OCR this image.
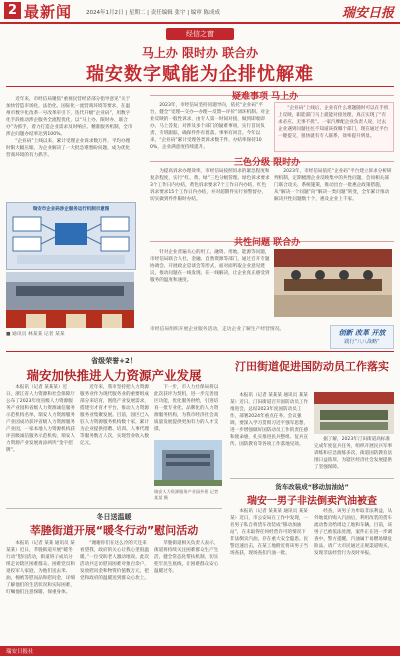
2 最新闻	2024年1月2日 | 星期二 | 责任编辑 张宇 | 编审 陈成成	瑞安日报
经信之窗
马上办 限时办 联合办
瑞安数字赋能为企排忧解难

近年来，市经信局聚焦“重视民营经济部分指导意见”关于加快营造市场化、法治化、国际化一流营商环境等要求，在温州市数字化改革一号改革牵引下，迭代升级“企业码”，用数字化手段推动涉企服务全流程优化，以“马上办、限时办、联合办”为抓手，着力打造企业需求及时响应、精准服务机制，全市涉企问题办结率达到100%。

“企业码”上线以来，累计受理企业诉求数万件，平均办理时限大幅压缩，为企业解决了一大批急难愁盼问题，成为优化营商环境的有力抓手。

瑞安市企业码涉企服务运行机制示意图
■ 通讯员 林某某 记者 某某
疑难事项 马上办

2023年，市经信局坚持问题导向，依托“企业码”平台，健全“受理—交办—办理—反馈—评价”闭环机制。对企业反映的一般性诉求，由专人第一时间对接，做到即收即办、马上答复；对涉及多个部门的疑难事项，实行首问负责、专班跟踪，确保件件有着落、事事有回音。今年以来，“企业码”累计受理各类诉求数千件，办结率保持100%，企业满意度持续提升。

“企业码”上线后，企业有什么难题随时可以在手机上反映，职能部门马上就能对接处理，真正实现了“有求必应、无事不扰”。一家汽摩配企业负责人说，过去企业遇到问题往往不知道该找哪个部门，现在通过平台一键提交，很快就有专人联系，效率提升明显。

三色分级 限时办

为提高诉求办理效率，市经信局按照诉求的紧急程度和复杂程度，实行“红、黄、绿”三色分级管理。绿色诉求要求3个工作日内办结，黄色诉求要求7个工作日内办结，红色诉求要求15个工作日内办结，并对超期件实行预警督办，切实做到件件限时办结。

2023年，市经信局依托“企业码”平台建立诉求分析研判机制，定期梳理企业反映集中的共性问题，会同相关部门联合攻关、系统施策，推动出台一批惠企政策措施，从“解决一个问题”向“解决一类问题”转变，全年累计推动解决共性问题数十个，惠及企业上千家。

共性问题 联合办

针对企业普遍关心的用工、融资、用地、能源等问题，市经信局联合人社、金融、自然资源等部门，通过召开专题协调会、开展政企恳谈会等形式，面对面听取企业意见建议，推动问题在一线发现、在一线解决，让企业真正感受到服务的温度和速度。

市经信局组织开展企业服务活动，走访企业了解生产经营情况。	创新 改革 开放
践行“八八战略”
省级荣誉+2！
瑞安加快推进人力资源产业发展

本报讯（记者 某某某）近日，浙江省人力资源和社会保障厅公布了2023年度省级人力资源服务产业园和省级人力资源诚信服务示范机构名单，瑞安人力资源服务产业园成功获评省级人力资源服务产业园，一家本地人力资源机构获评省级诚信服务示范机构，瑞安人力资源产业发展再添两块“金字招牌”。

近年来，我市坚持把人力资源服务业作为现代服务业的重要组成部分来培育，围绕产业发展需求，搭建引才育才平台，推动人力资源服务业集聚发展。目前，园区已入驻人力资源服务机构数十家，累计为企业提供招聘、培训、人事代理等服务数万人次，实现营业收入数亿元。

下一步，市人力社保局将以此次获评为契机，进一步完善园区功能，优化服务供给，引进培育一批专业化、品牌化的人力资源服务机构，为我市经济社会高质量发展提供更加有力的人才支撑。

瑞安人力资源服务产业园外景 记者 某某 摄
汀田街道促进国防动员工作落实

本报讯（记者 某某某 通讯员 某某某）近日，汀田街道召开国防动员工作推进会，总结2023年度国防动员工作，部署2024年重点任务。会议强调，要深入学习贯彻习近平强军思想，进一步增强做好国防动员工作的责任感和使命感，扎实推进民兵整组、征兵宣传、国防教育等各项工作落地见效。

据了解，2023年汀田街道高标准完成年度征兵任务，组织开展民兵军事训练和应急演练多次，街道国防教育氛围日益浓厚，为辖区经济社会发展提供了坚强保障。

货车改装成“移动加油站”
瑞安一男子非法倒卖汽油被查

本报讯（记者 某某某 通讯员 某某某）近日，市公安局在工作中发现，一名男子私自将货车改装成“移动加油站”，在未取得任何经营许可的情况下非法倒卖汽油，存在重大安全隐患。民警迅速出击，在某工地附近将该男子当场查获，现场查扣汽油一批。

经查，该男子为牟取非法利益，从外地低价购入汽油后，利用改装的货车流动售卖给周边工地和车辆。目前，该男子已被依法处理，案件正在进一步调查中。警方提醒，汽油属于易燃易爆危险品，请广大市民通过正规渠道购买，发现非法经营行为及时举报。

冬日送温暖
莘塍街道开展“暖冬行动”慰问活动

本报讯（记者 某某 通讯员 某某某）近日，莘塍街道开展“暖冬行动”慰问活动，街道班子成员分组走访辖区困难群众、困难党员和退役军人家庭，为他们送去米、油、棉被等慰问品和慰问金，详细了解他们的生活状况和实际困难，叮嘱他们注意保暖、保重身体。

“谢谢你们在这么冷的天还来看望我，政府的关心让我心里很温暖。”一位受助老人激动地说。此次活动共走访慰问困难对象百余户，发放慰问金和物资价值数万元，把党和政府的温暖送到群众心坎上。

莘塍街道相关负责人表示，街道将持续关注困难群众生产生活，健全常态化帮扶机制，切实兜牢民生底线，让困难群众安心温暖过冬。

瑞安日报社
